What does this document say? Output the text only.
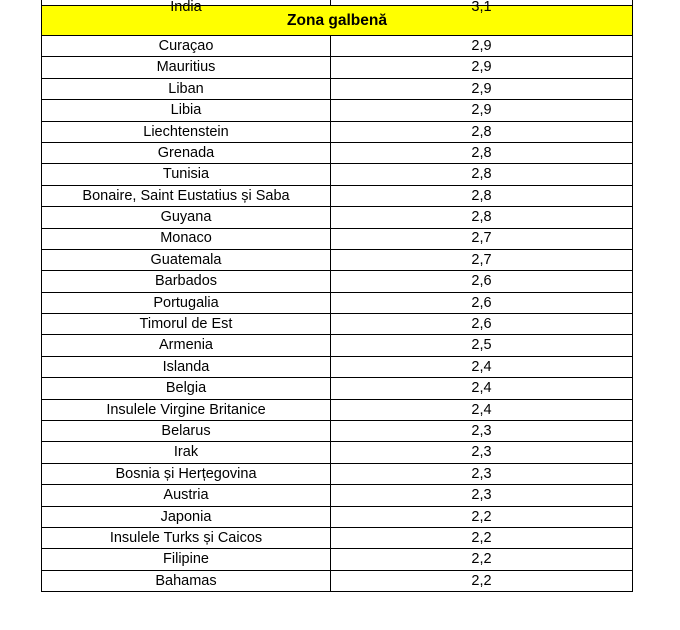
India	3,1
Zona galbenă
Curaçao	2,9
Mauritius	2,9
Liban	2,9
Libia	2,9
Liechtenstein	2,8
Grenada	2,8
Tunisia	2,8
Bonaire, Saint Eustatius și Saba	2,8
Guyana	2,8
Monaco	2,7
Guatemala	2,7
Barbados	2,6
Portugalia	2,6
Timorul de Est	2,6
Armenia	2,5
Islanda	2,4
Belgia	2,4
Insulele Virgine Britanice	2,4
Belarus	2,3
Irak	2,3
Bosnia și Herțegovina	2,3
Austria	2,3
Japonia	2,2
Insulele Turks și Caicos	2,2
Filipine	2,2
Bahamas	2,2
